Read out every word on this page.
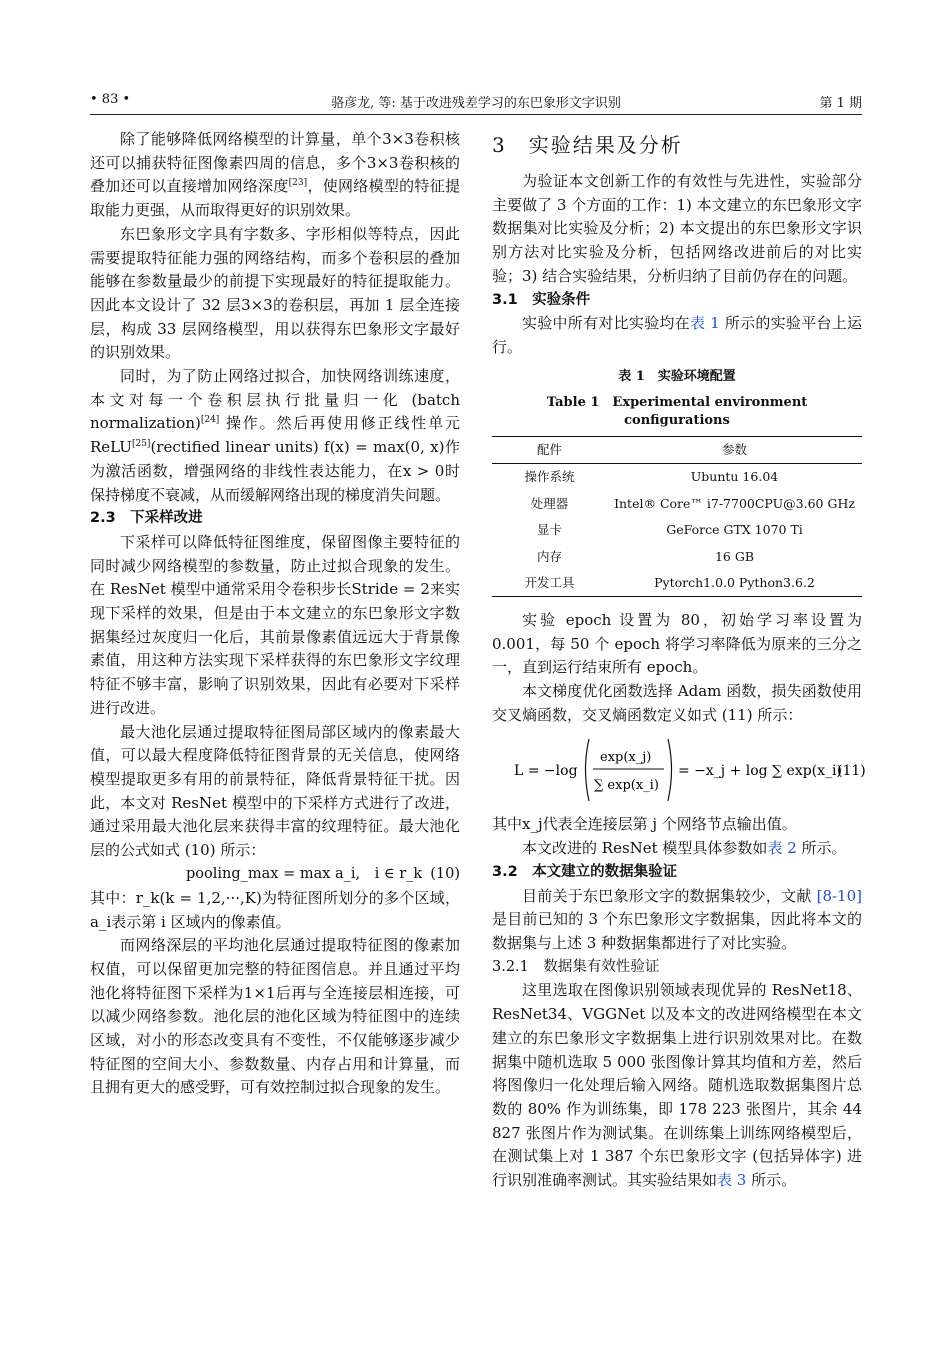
• 83 •	骆彦龙, 等: 基于改进残差学习的东巴象形文字识别	第 1 期

除了能够降低网络模型的计算量，单个3×3卷积核还可以捕获特征图像素四周的信息，多个3×3卷积核的叠加还可以直接增加网络深度[23]，使网络模型的特征提取能力更强，从而取得更好的识别效果。

东巴象形文字具有字数多、字形相似等特点，因此需要提取特征能力强的网络结构，而多个卷积层的叠加能够在参数量最少的前提下实现最好的特征提取能力。因此本文设计了 32 层3×3的卷积层，再加 1 层全连接层，构成 33 层网络模型，用以获得东巴象形文字最好的识别效果。

同时，为了防止网络过拟合，加快网络训练速度，本文对每一个卷积层执行批量归一化 (batch normalization)[24] 操作。然后再使用修正线性单元ReLU[25](rectified linear units) f(x) = max(0, x)作为激活函数，增强网络的非线性表达能力，在x > 0时保持梯度不衰减，从而缓解网络出现的梯度消失问题。

2.3　下采样改进

下采样可以降低特征图维度，保留图像主要特征的同时减少网络模型的参数量，防止过拟合现象的发生。在 ResNet 模型中通常采用令卷积步长Stride = 2来实现下采样的效果，但是由于本文建立的东巴象形文字数据集经过灰度归一化后，其前景像素值远远大于背景像素值，用这种方法实现下采样获得的东巴象形文字纹理特征不够丰富，影响了识别效果，因此有必要对下采样进行改进。

最大池化层通过提取特征图局部区域内的像素最大值，可以最大程度降低特征图背景的无关信息，使网络模型提取更多有用的前景特征，降低背景特征干扰。因此，本文对 ResNet 模型中的下采样方式进行了改进，通过采用最大池化层来获得丰富的纹理特征。最大池化层的公式如式 (10) 所示：

pooling_max = max a_i,　i ∈ r_k (10)

其中：r_k(k = 1,2,···,K)为特征图所划分的多个区域，a_i表示第 i 区域内的像素值。

而网络深层的平均池化层通过提取特征图的像素加权值，可以保留更加完整的特征图信息。并且通过平均池化将特征图下采样为1×1后再与全连接层相连接，可以减少网络参数。池化层的池化区域为特征图中的连续区域，对小的形态改变具有不变性，不仅能够逐步减少特征图的空间大小、参数数量、内存占用和计算量，而且拥有更大的感受野，可有效控制过拟合现象的发生。

3　实验结果及分析

为验证本文创新工作的有效性与先进性，实验部分主要做了 3 个方面的工作：1) 本文建立的东巴象形文字数据集对比实验及分析；2) 本文提出的东巴象形文字识别方法对比实验及分析，包括网络改进前后的对比实验；3) 结合实验结果，分析归纳了目前仍存在的问题。

3.1　实验条件

实验中所有对比实验均在表 1 所示的实验平台上运行。

表 1　实验环境配置
Table 1　Experimental environment configurations
配件	参数
操作系统	Ubuntu 16.04
处理器	Intel® Core™ i7-7700CPU@3.60 GHz
显卡	GeForce GTX 1070 Ti
内存	16 GB
开发工具	Pytorch1.0.0 Python3.6.2

实验 epoch 设置为 80，初始学习率设置为 0.001，每 50 个 epoch 将学习率降低为原来的三分之一，直到运行结束所有 epoch。

本文梯度优化函数选择 Adam 函数，损失函数使用交叉熵函数，交叉熵函数定义如式 (11) 所示：

L = −log
exp(x_j)
∑ exp(x_i)
= −x_j + log ∑ exp(x_i)
(11)

其中x_j代表全连接层第 j 个网络节点输出值。

本文改进的 ResNet 模型具体参数如表 2 所示。

3.2　本文建立的数据集验证

目前关于东巴象形文字的数据集较少，文献 [8-10] 是目前已知的 3 个东巴象形文字数据集，因此将本文的数据集与上述 3 种数据集都进行了对比实验。

3.2.1　数据集有效性验证

这里选取在图像识别领域表现优异的 ResNet18、ResNet34、VGGNet 以及本文的改进网络模型在本文建立的东巴象形文字数据集上进行识别效果对比。在数据集中随机选取 5 000 张图像计算其均值和方差，然后将图像归一化处理后输入网络。随机选取数据集图片总数的 80% 作为训练集，即 178 223 张图片，其余 44 827 张图片作为测试集。在训练集上训练网络模型后，在测试集上对 1 387 个东巴象形文字 (包括异体字) 进行识别准确率测试。其实验结果如表 3 所示。
